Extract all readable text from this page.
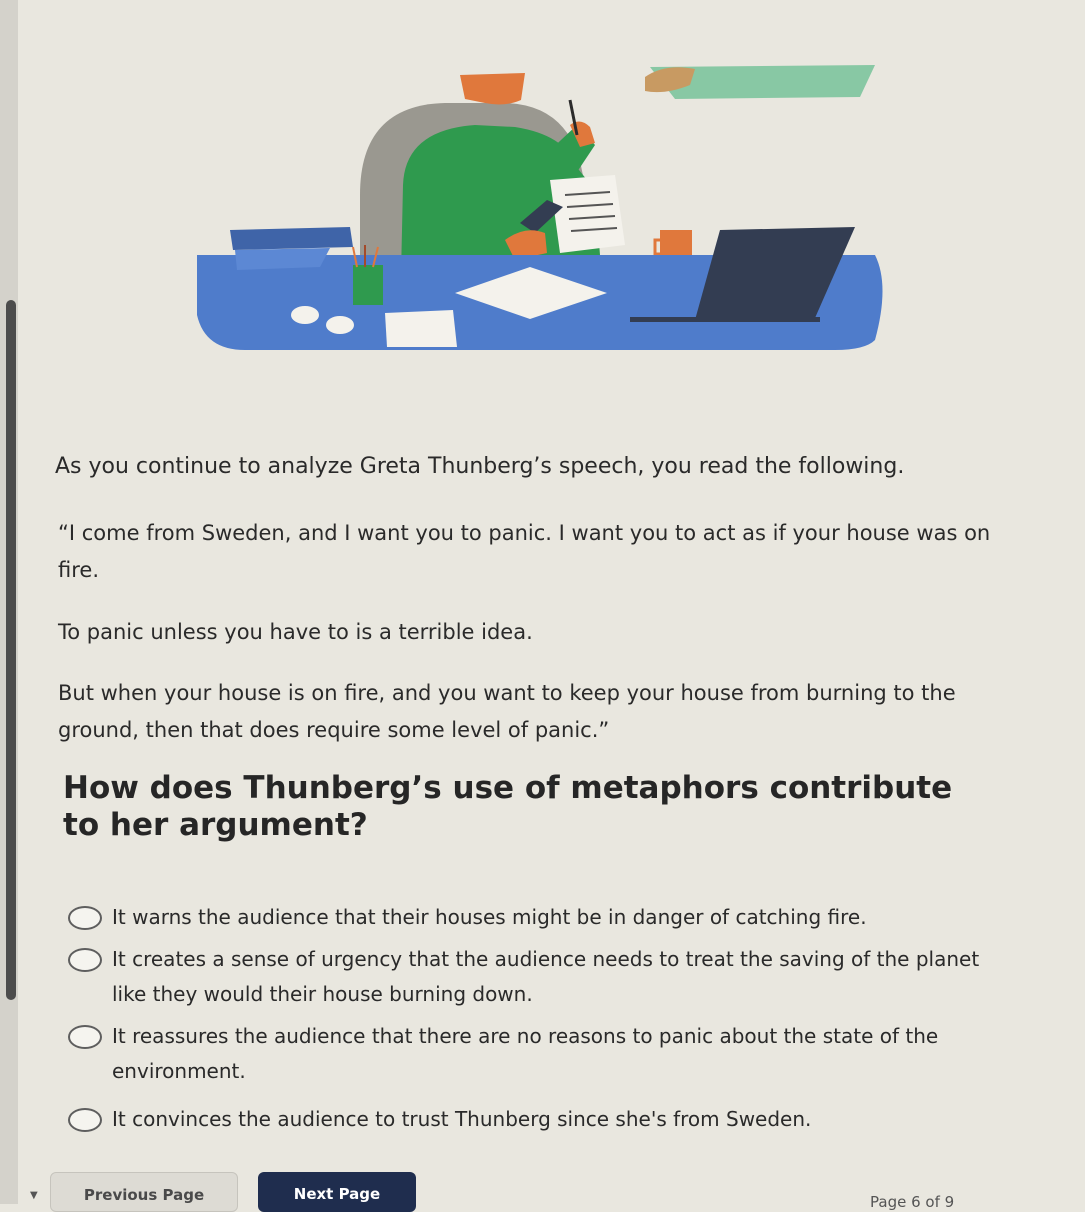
As you continue to analyze Greta Thunberg’s speech, you read the following.

“I come from Sweden, and I want you to panic. I want you to act as if your house was on fire.

To panic unless you have to is a terrible idea.

But when your house is on fire, and you want to keep your house from burning to the ground, then that does require some level of panic.”

How does Thunberg’s use of metaphors contribute to her argument?
It warns the audience that their houses might be in danger of catching fire.
It creates a sense of urgency that the audience needs to treat the saving of the planet like they would their house burning down.
It reassures the audience that there are no reasons to panic about the state of the environment.
It convinces the audience to trust Thunberg since she's from Sweden.
▼	Previous Page	Next Page	Page 6 of 9
